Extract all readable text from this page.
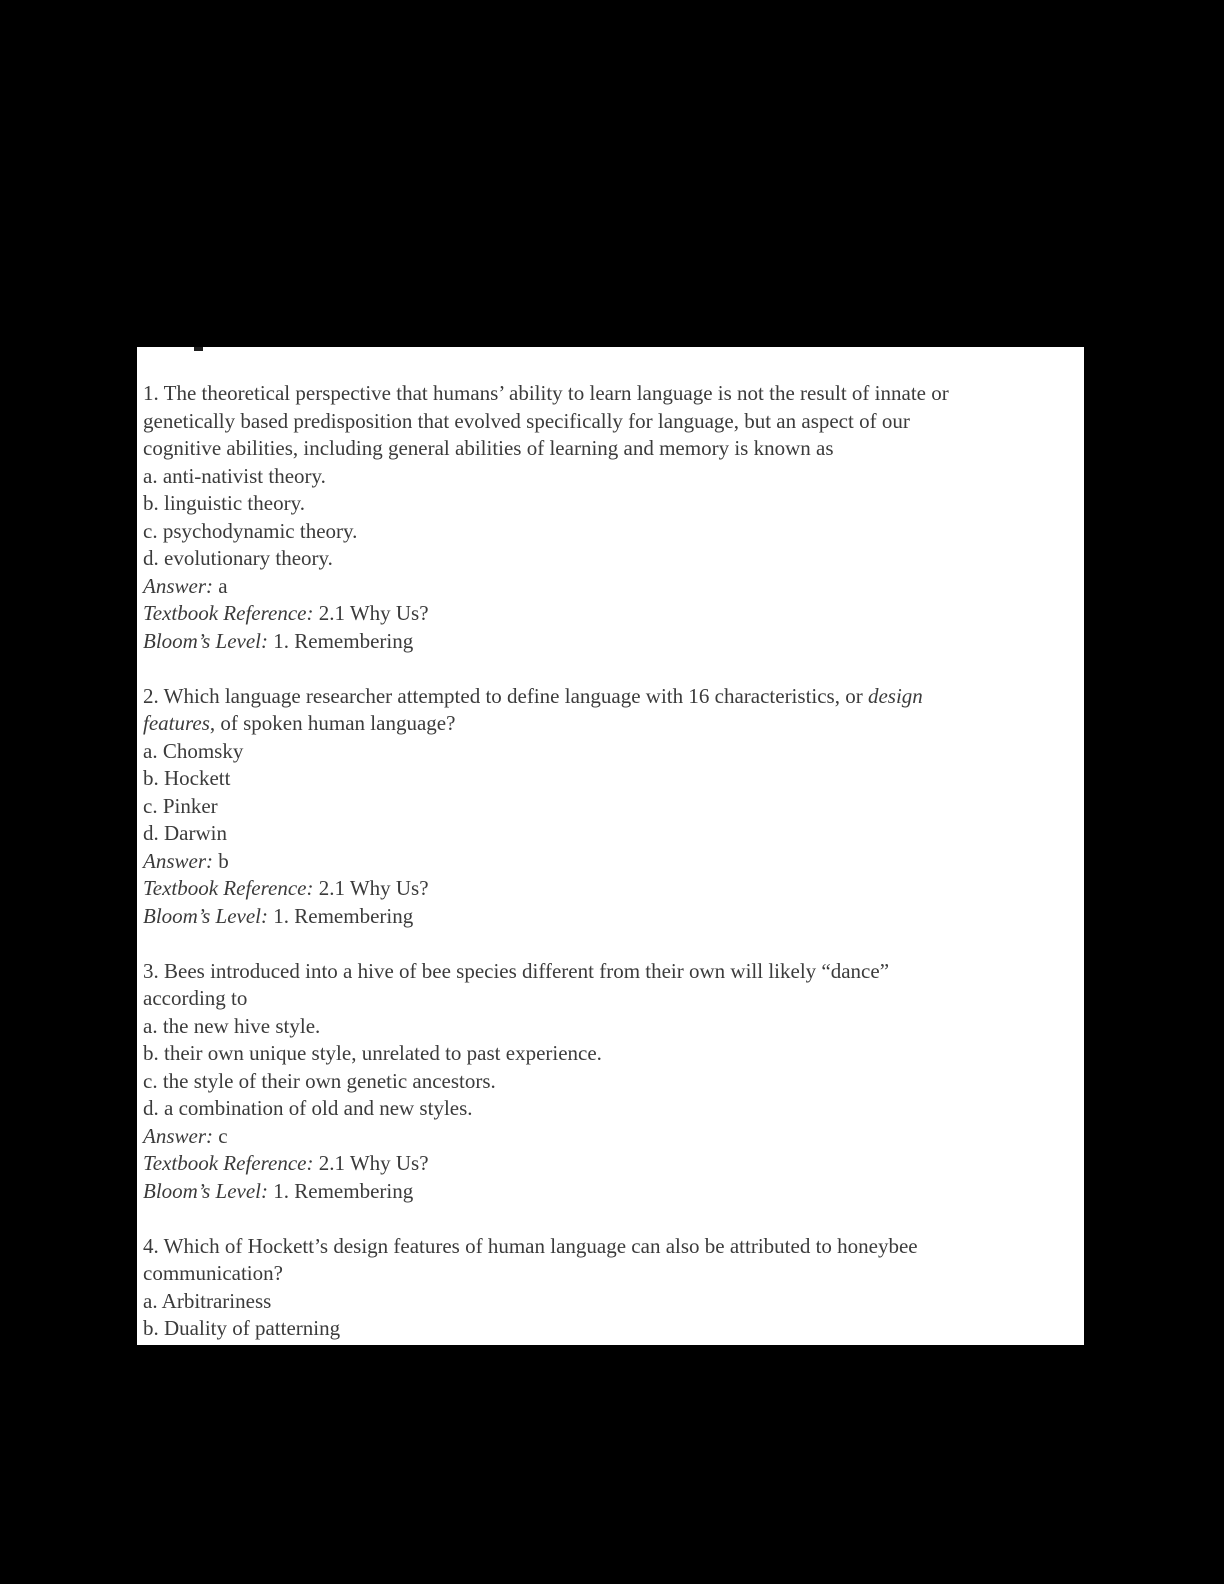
1. The theoretical perspective that humans’ ability to learn language is not the result of innate or
genetically based predisposition that evolved specifically for language, but an aspect of our
cognitive abilities, including general abilities of learning and memory is known as
a. anti-nativist theory.
b. linguistic theory.
c. psychodynamic theory.
d. evolutionary theory.
Answer: a
Textbook Reference: 2.1 Why Us?
Bloom’s Level: 1. Remembering
2. Which language researcher attempted to define language with 16 characteristics, or design
features, of spoken human language?
a. Chomsky
b. Hockett
c. Pinker
d. Darwin
Answer: b
Textbook Reference: 2.1 Why Us?
Bloom’s Level: 1. Remembering
3. Bees introduced into a hive of bee species different from their own will likely “dance”
according to
a. the new hive style.
b. their own unique style, unrelated to past experience.
c. the style of their own genetic ancestors.
d. a combination of old and new styles.
Answer: c
Textbook Reference: 2.1 Why Us?
Bloom’s Level: 1. Remembering
4. Which of Hockett’s design features of human language can also be attributed to honeybee
communication?
a. Arbitrariness
b. Duality of patterning
